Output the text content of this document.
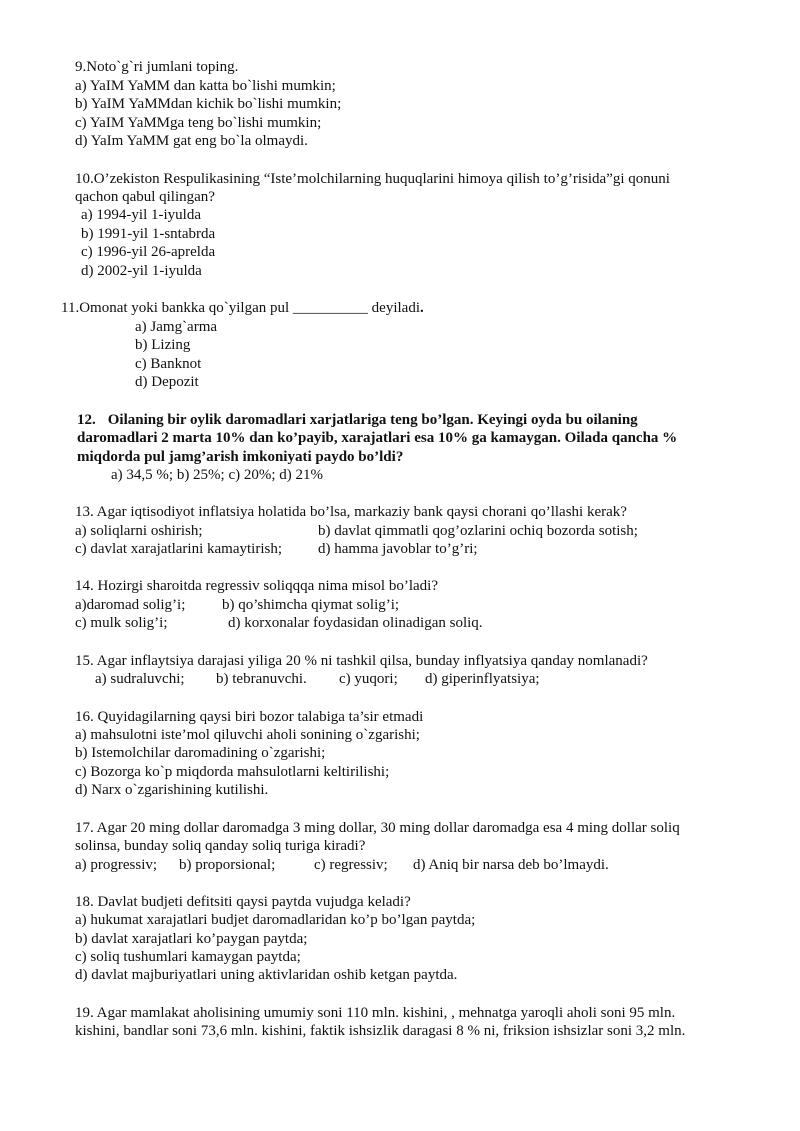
9.Noto`g`ri jumlani toping.
a) YaIM YaMM dan katta bo`lishi mumkin;
b) YaIM YaMMdan kichik bo`lishi mumkin;
c) YaIM YaMMga teng bo`lishi mumkin;
d) YaIm YaMM gat eng bo`la olmaydi.
10.O’zekiston Respulikasining “Iste’molchilarning huquqlarini himoya qilish to’g’risida”gi qonuni
qachon qabul qilingan?
a) 1994-yil 1-iyulda
b) 1991-yil 1-sntabrda
c) 1996-yil 26-aprelda
d) 2002-yil 1-iyulda
11.Omonat yoki bankka qo`yilgan pul __________ deyiladi.
a) Jamg`arma
b) Lizing
c) Banknot
d) Depozit
12. Oilaning bir oylik daromadlari xarjatlariga teng bo’lgan. Keyingi oyda bu oilaning
daromadlari 2 marta 10% dan ko’payib, xarajatlari esa 10% ga kamaygan. Oilada qancha %
miqdorda pul jamg’arish imkoniyati paydo bo’ldi?
a) 34,5 %; b) 25%; c) 20%; d) 21%
13. Agar iqtisodiyot inflatsiya holatida bo’lsa, markaziy bank qaysi chorani qo’llashi kerak?
a) soliqlarni oshirish;	b) davlat qimmatli qog’ozlarini ochiq bozorda sotish;
c) davlat xarajatlarini kamaytirish; d) hamma javoblar to’g’ri;
14. Hozirgi sharoitda regressiv soliqqqa nima misol bo’ladi?
a)daromad solig’i; b) qo’shimcha qiymat solig’i;
c) mulk solig’i;	d) korxonalar foydasidan olinadigan soliq.
15. Agar inflaytsiya darajasi yiliga 20 % ni tashkil qilsa, bunday inflyatsiya qanday nomlanadi?
a) sudraluvchi; b) tebranuvchi. c) yuqori; d) giperinflyatsiya;
16. Quyidagilarning qaysi biri bozor talabiga ta’sir etmadi
a) mahsulotni iste’mol qiluvchi aholi sonining o`zgarishi;
b) Istemolchilar daromadining o`zgarishi;
c) Bozorga ko`p miqdorda mahsulotlarni keltirilishi;
d) Narx o`zgarishining kutilishi.
17. Agar 20 ming dollar daromadga 3 ming dollar, 30 ming dollar daromadga esa 4 ming dollar soliq
solinsa, bunday soliq qanday soliq turiga kiradi?
a) progressiv; b) proporsional;	c) regressiv; d) Aniq bir narsa deb bo’lmaydi.
18. Davlat budjeti defitsiti qaysi paytda vujudga keladi?
a) hukumat xarajatlari budjet daromadlaridan ko’p bo’lgan paytda;
b) davlat xarajatlari ko’paygan paytda;
c) soliq tushumlari kamaygan paytda;
d) davlat majburiyatlari uning aktivlaridan oshib ketgan paytda.
19. Agar mamlakat aholisining umumiy soni 110 mln. kishini, , mehnatga yaroqli aholi soni 95 mln.
kishini, bandlar soni 73,6 mln. kishini, faktik ishsizlik daragasi 8 % ni, friksion ishsizlar soni 3,2 mln.
